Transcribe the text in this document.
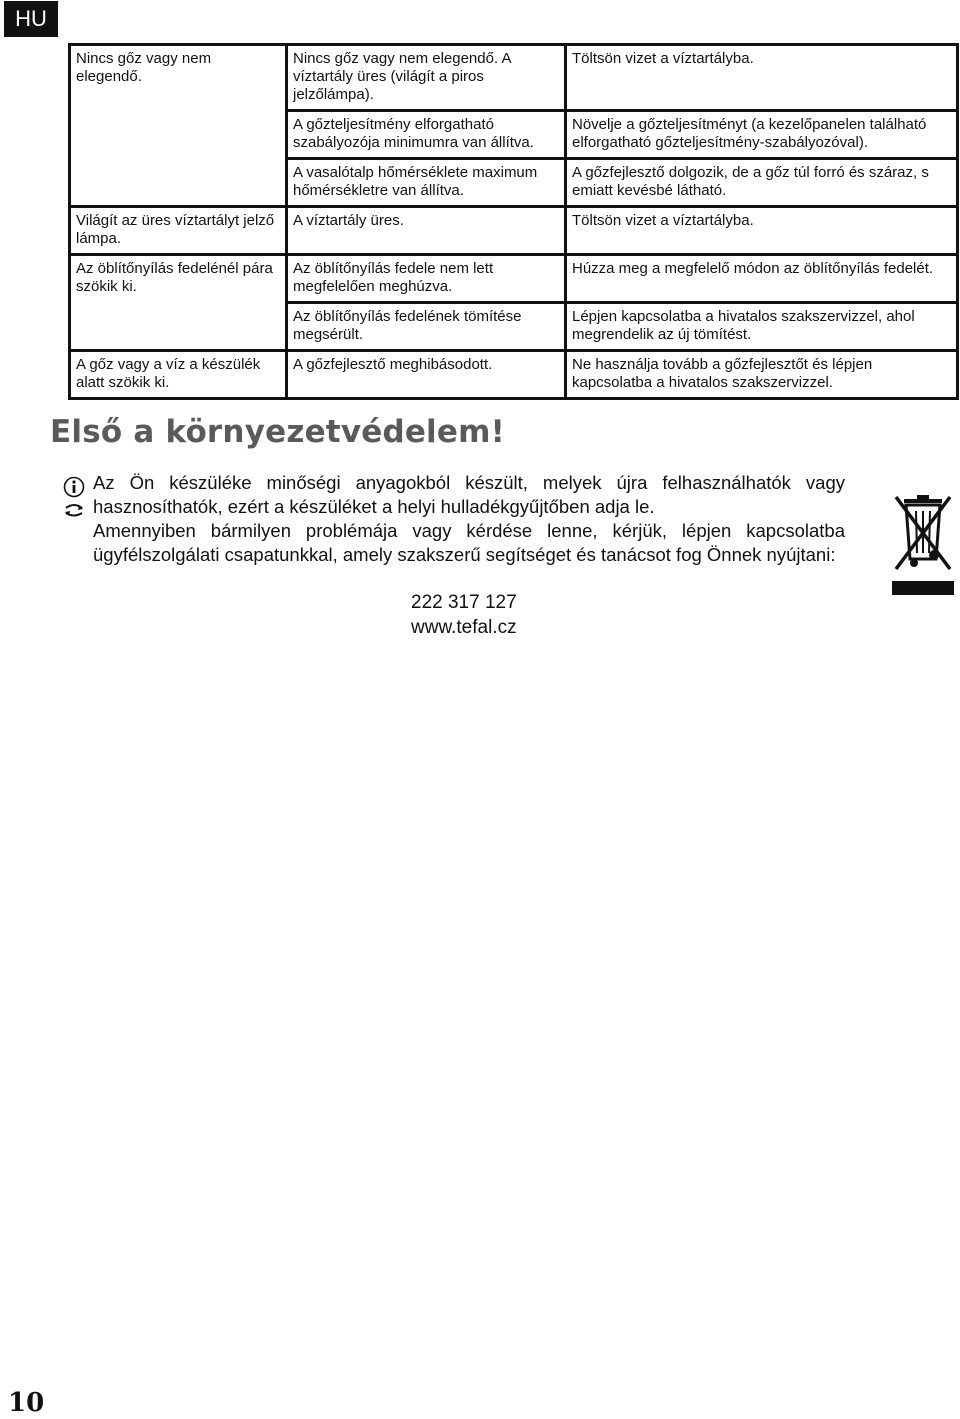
HU
Nincs gőz vagy nem elegendő.	Nincs gőz vagy nem elegendő. A víztartály üres (világít a piros jelzőlámpa).	Töltsön vizet a víztartályba.
	A gőzteljesítmény elforgatható szabályozója minimumra van állítva.	Növelje a gőzteljesítményt (a kezelőpanelen található elforgatható gőzteljesítmény-szabályozóval).
	A vasalótalp hőmérséklete maximum hőmérsékletre van állítva.	A gőzfejlesztő dolgozik, de a gőz túl forró és száraz, s emiatt kevésbé látható.
Világít az üres víztartályt jelző lámpa.	A víztartály üres.	Töltsön vizet a víztartályba.
Az öblítőnyílás fedelénél pára szökik ki.	Az öblítőnyílás fedele nem lett megfelelően meghúzva.	Húzza meg a megfelelő módon az öblítőnyílás fedelét.
	Az öblítőnyílás fedelének tömítése megsérült.	Lépjen kapcsolatba a hivatalos szakszervizzel, ahol megrendelik az új tömítést.
A gőz vagy a víz a készülék alatt szökik ki.	A gőzfejlesztő meghibásodott.	Ne használja tovább a gőzfejlesztőt és lépjen kapcsolatba a hivatalos szakszervizzel.
Első a környezetvédelem!

Az Ön készüléke minőségi anyagokból készült, melyek újra felhasználhatók vagy hasznosíthatók, ezért a készüléket a helyi hulladékgyűjtőben adja le.
Amennyiben bármilyen problémája vagy kérdése lenne, kérjük, lépjen kapcsolatba ügyfélszolgálati csapatunkkal, amely szakszerű segítséget és tanácsot fog Önnek nyújtani:

222 317 127
www.tefal.cz
10
